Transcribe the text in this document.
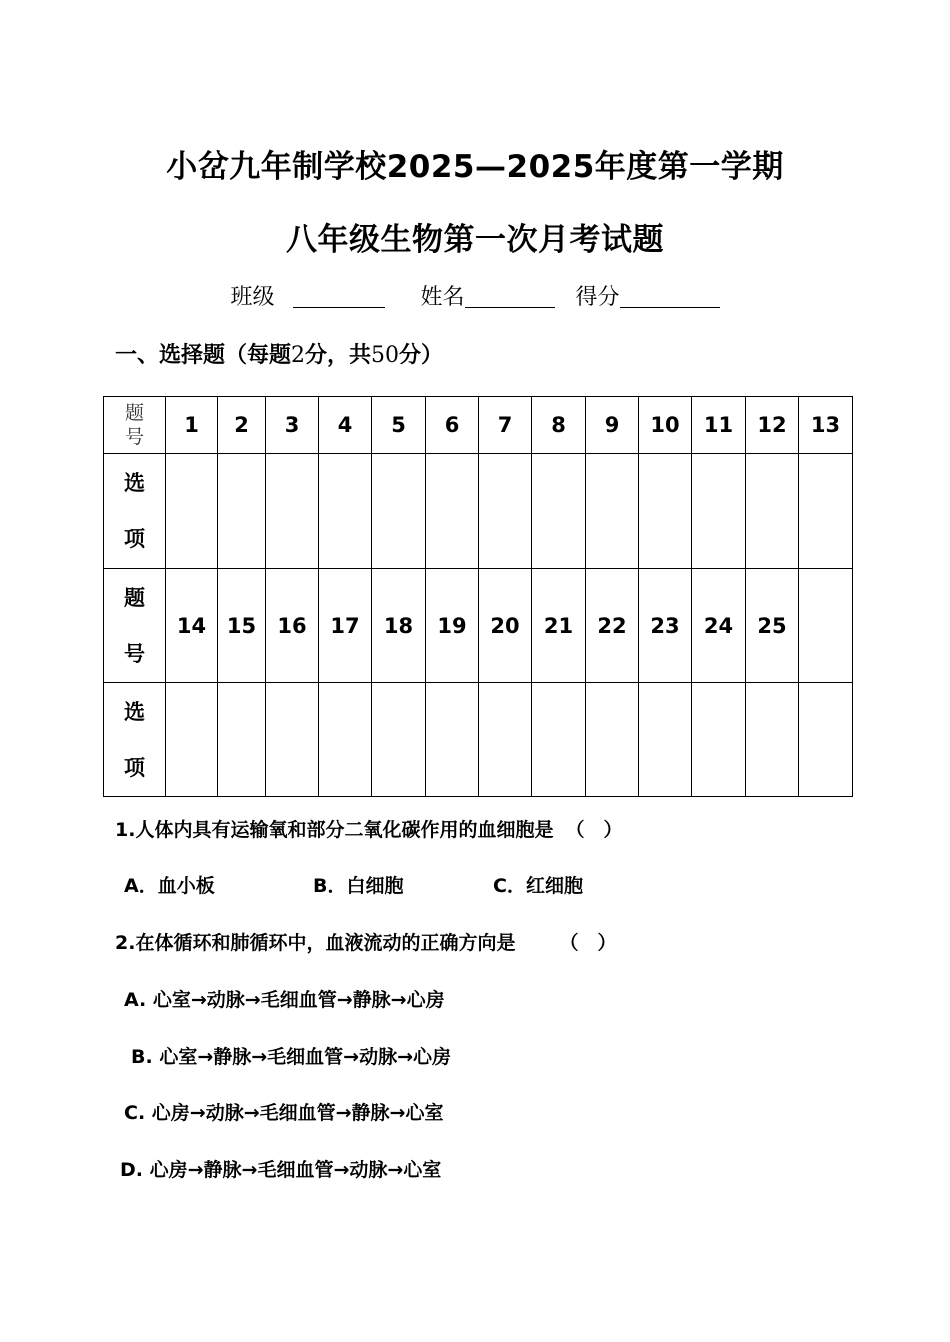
小岔九年制学校2025—2025年度第一学期
八年级生物第一次月考试题
班级	姓名	得分
一、选择题（每题2分，共50分）
题号	1	2	3	4	5	6	7	8	9	10	11	12	13

选项													

题号	14	15	16	17	18	19	20	21	22	23	24	25	

选项													

1.人体内具有运输氧和部分二氧化碳作用的血细胞是 （　）
A．血小板	B．白细胞	C．红细胞
2.在体循环和肺循环中，血液流动的正确方向是 （　）
A. 心室→动脉→毛细血管→静脉→心房
B. 心室→静脉→毛细血管→动脉→心房
C. 心房→动脉→毛细血管→静脉→心室
D. 心房→静脉→毛细血管→动脉→心室
